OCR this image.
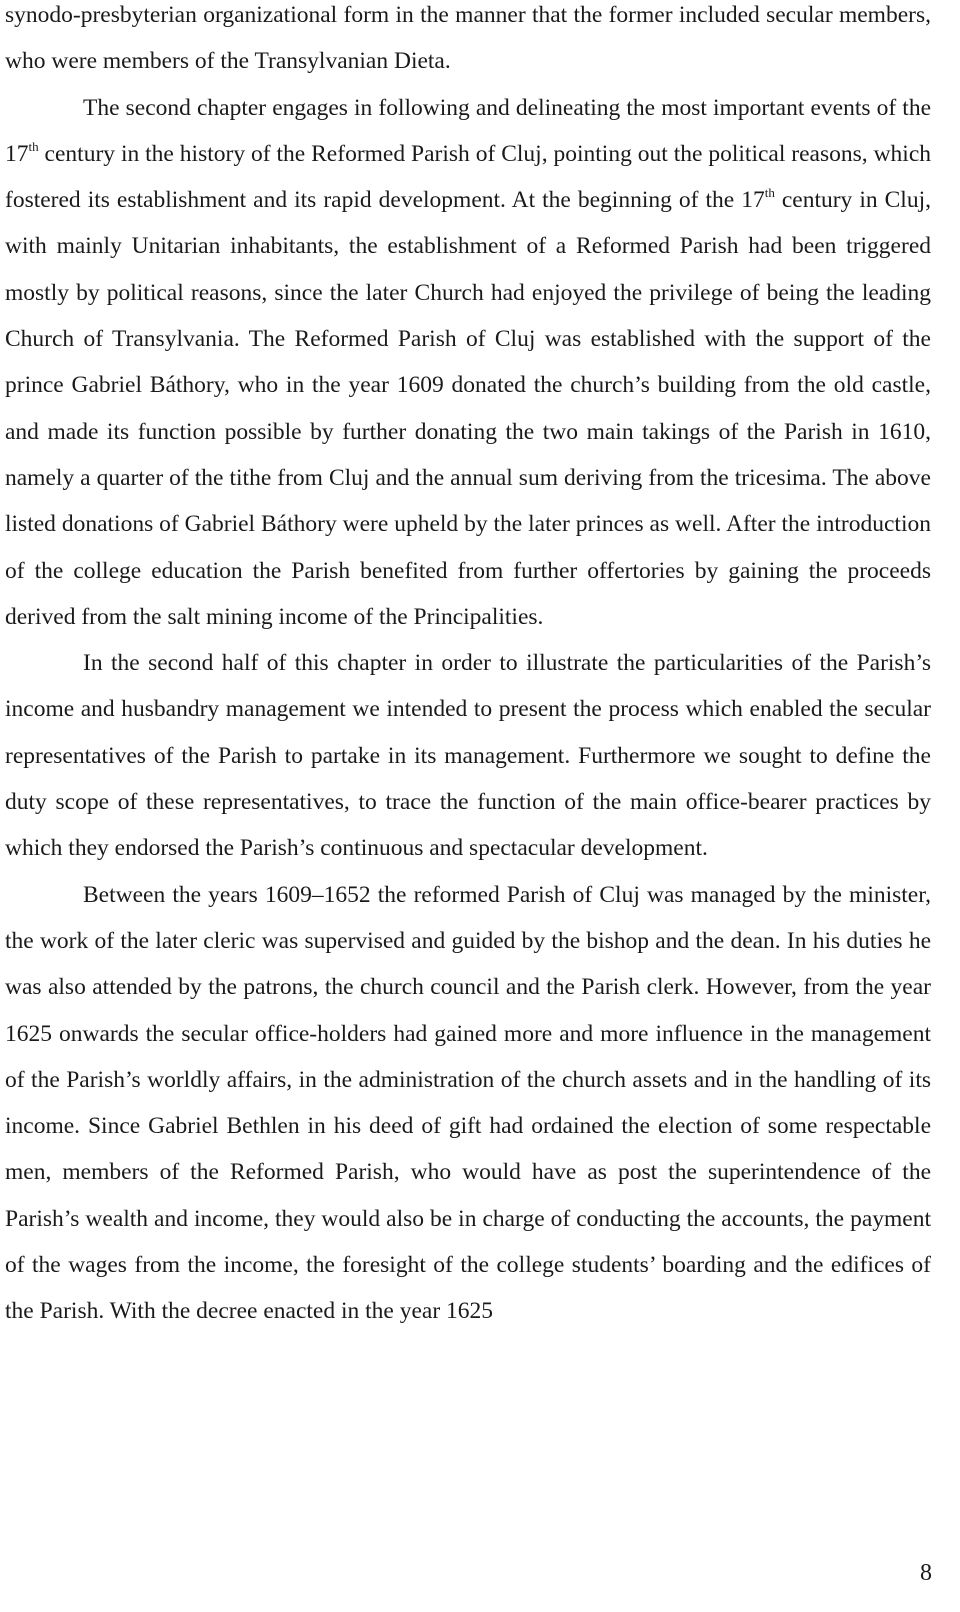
synodo-presbyterian organizational form in the manner that the former included secular members, who were members of the Transylvanian Dieta.

The second chapter engages in following and delineating the most important events of the 17th century in the history of the Reformed Parish of Cluj, pointing out the political reasons, which fostered its establishment and its rapid development. At the beginning of the 17th century in Cluj, with mainly Unitarian inhabitants, the establishment of a Reformed Parish had been triggered mostly by political reasons, since the later Church had enjoyed the privilege of being the leading Church of Transylvania. The Reformed Parish of Cluj was established with the support of the prince Gabriel Báthory, who in the year 1609 donated the church’s building from the old castle, and made its function possible by further donating the two main takings of the Parish in 1610, namely a quarter of the tithe from Cluj and the annual sum deriving from the tricesima. The above listed donations of Gabriel Báthory were upheld by the later princes as well. After the introduction of the college education the Parish benefited from further offertories by gaining the proceeds derived from the salt mining income of the Principalities.

In the second half of this chapter in order to illustrate the particularities of the Parish’s income and husbandry management we intended to present the process which enabled the secular representatives of the Parish to partake in its management. Furthermore we sought to define the duty scope of these representatives, to trace the function of the main office-bearer practices by which they endorsed the Parish’s continuous and spectacular development.

Between the years 1609–1652 the reformed Parish of Cluj was managed by the minister, the work of the later cleric was supervised and guided by the bishop and the dean. In his duties he was also attended by the patrons, the church council and the Parish clerk. However, from the year 1625 onwards the secular office-holders had gained more and more influence in the management of the Parish’s worldly affairs, in the administration of the church assets and in the handling of its income. Since Gabriel Bethlen in his deed of gift had ordained the election of some respectable men, members of the Reformed Parish, who would have as post the superintendence of the Parish’s wealth and income, they would also be in charge of conducting the accounts, the payment of the wages from the income, the foresight of the college students’ boarding and the edifices of the Parish. With the decree enacted in the year 1625

8
